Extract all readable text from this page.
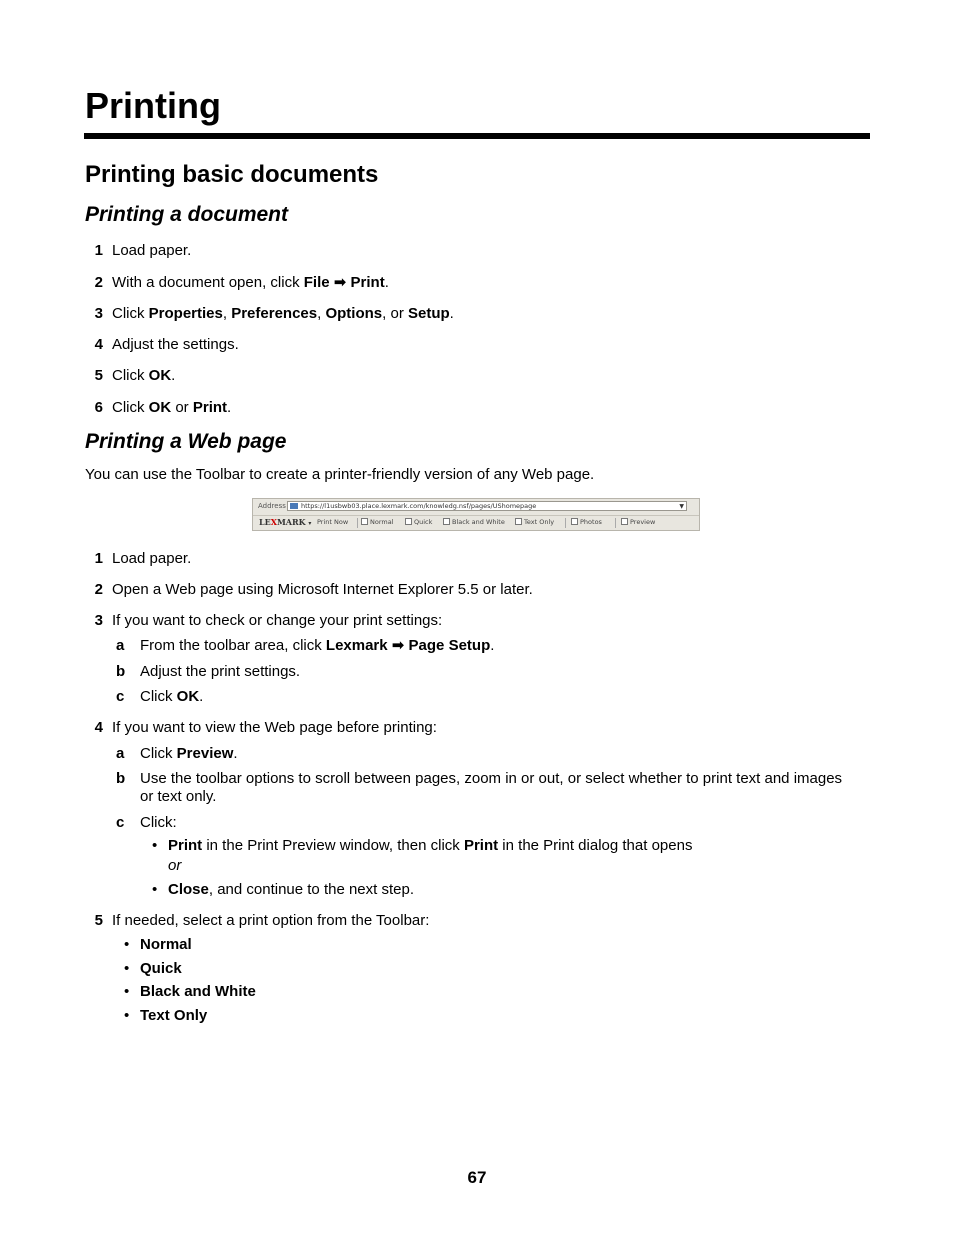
Printing
Printing basic documents
Printing a document
1 Load paper.
2 With a document open, click File ➡ Print.
3 Click Properties, Preferences, Options, or Setup.
4 Adjust the settings.
5 Click OK.
6 Click OK or Print.
Printing a Web page
You can use the Toolbar to create a printer-friendly version of any Web page.
Address https://l1usbwb03.place.lexmark.com/knowledg.nsf/pages/UShomepage	▼
LEXMARK ▾ Print Now	Normal	Quick	Black and White	Text Only	Photos	Preview
1 Load paper.
2 Open a Web page using Microsoft Internet Explorer 5.5 or later.
3 If you want to check or change your print settings:
a From the toolbar area, click Lexmark ➡ Page Setup.
b Adjust the print settings.
c Click OK.
4 If you want to view the Web page before printing:
a Click Preview.
b Use the toolbar options to scroll between pages, zoom in or out, or select whether to print text and images
or text only.
c Click:
• Print in the Print Preview window, then click Print in the Print dialog that opens
or
• Close, and continue to the next step.
5 If needed, select a print option from the Toolbar:
• Normal
• Quick
• Black and White
• Text Only
67
